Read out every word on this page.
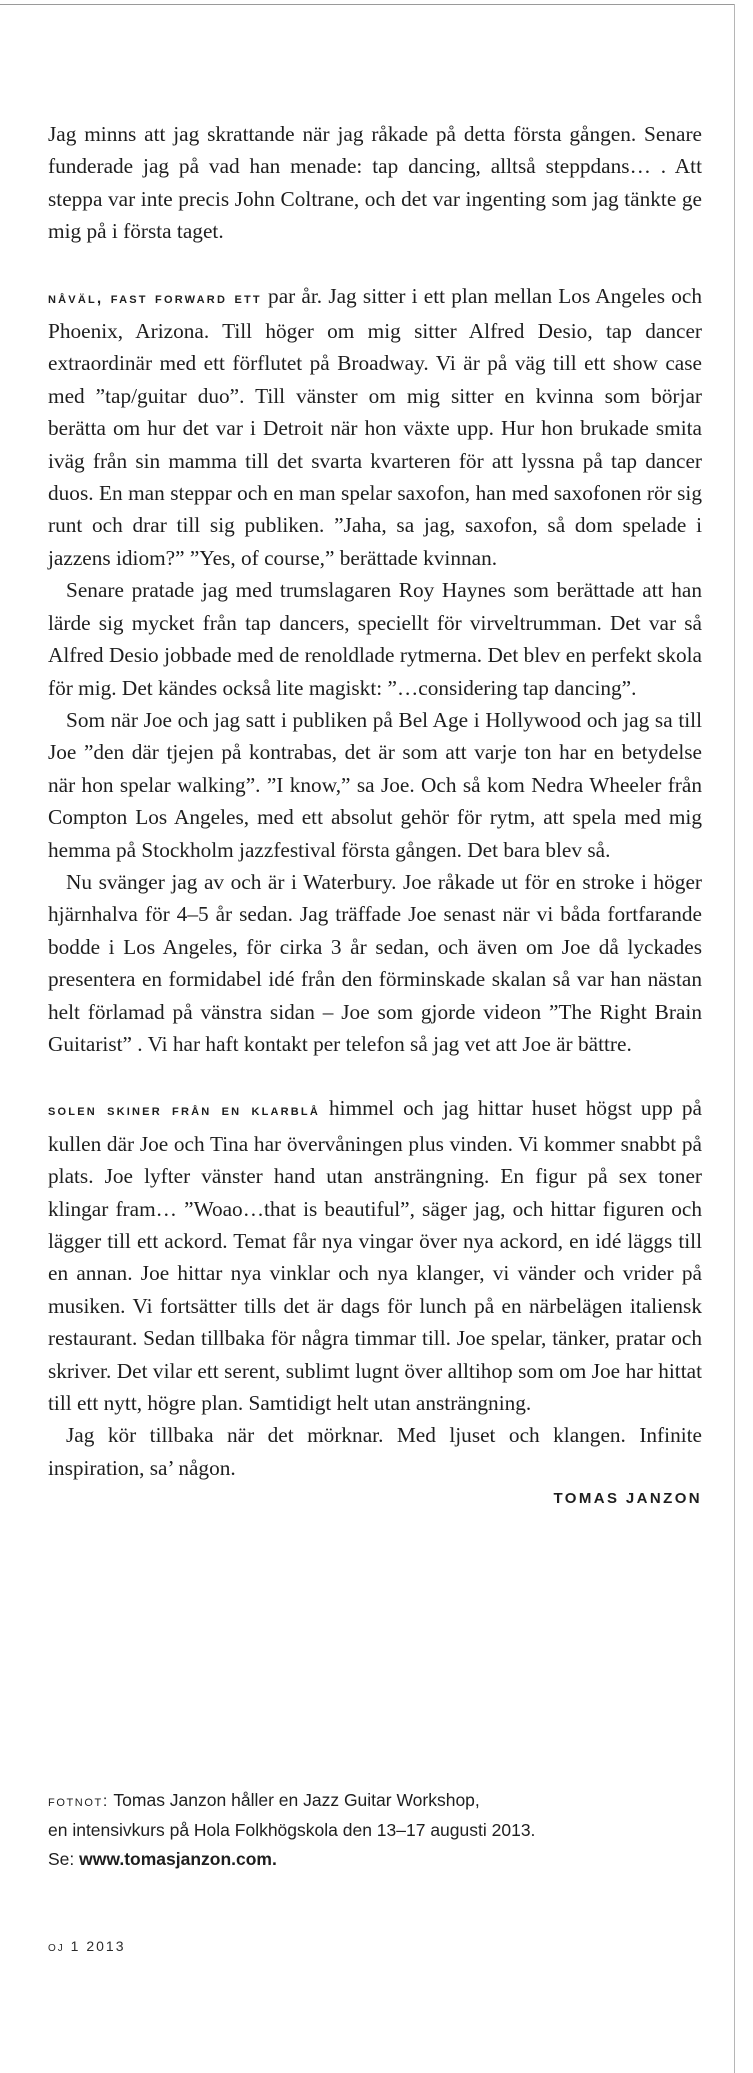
Jag minns att jag skrattande när jag råkade på detta första gången. Senare funderade jag på vad han menade: tap dancing, alltså steppdans… . Att steppa var inte precis John Coltrane, och det var ingenting som jag tänkte ge mig på i första taget.

nåväl, fast forward ett par år. Jag sitter i ett plan mellan Los Angeles och Phoenix, Arizona. Till höger om mig sitter Alfred Desio, tap dancer extraordinär med ett förflutet på Broadway. Vi är på väg till ett show case med ”tap/guitar duo”. Till vänster om mig sitter en kvinna som börjar berätta om hur det var i Detroit när hon växte upp. Hur hon brukade smita iväg från sin mamma till det svarta kvarteren för att lyssna på tap dancer duos. En man steppar och en man spelar saxofon, han med saxofonen rör sig runt och drar till sig publiken. ”Jaha, sa jag, saxofon, så dom spelade i jazzens idiom?” ”Yes, of course,” berättade kvinnan.

Senare pratade jag med trumslagaren Roy Haynes som berättade att han lärde sig mycket från tap dancers, speciellt för virveltrumman. Det var så Alfred Desio jobbade med de renoldlade rytmerna. Det blev en perfekt skola för mig. Det kändes också lite magiskt: ”…considering tap dancing”.

Som när Joe och jag satt i publiken på Bel Age i Hollywood och jag sa till Joe ”den där tjejen på kontrabas, det är som att varje ton har en betydelse när hon spelar walking”. ”I know,” sa Joe. Och så kom Nedra Wheeler från Compton Los Angeles, med ett absolut gehör för rytm, att spela med mig hemma på Stockholm jazzfestival första gången. Det bara blev så.

Nu svänger jag av och är i Waterbury. Joe råkade ut för en stroke i höger hjärnhalva för 4–5 år sedan. Jag träffade Joe senast när vi båda fortfarande bodde i Los Angeles, för cirka 3 år sedan, och även om Joe då lyckades presentera en formidabel idé från den förminskade skalan så var han nästan helt förlamad på vänstra sidan – Joe som gjorde videon ”The Right Brain Guitarist” . Vi har haft kontakt per telefon så jag vet att Joe är bättre.

solen skiner från en klarblå himmel och jag hittar huset högst upp på kullen där Joe och Tina har övervåningen plus vinden. Vi kommer snabbt på plats. Joe lyfter vänster hand utan ansträngning. En figur på sex toner klingar fram… ”Woao…that is beautiful”, säger jag, och hittar figuren och lägger till ett ackord. Temat får nya vingar över nya ackord, en idé läggs till en annan. Joe hittar nya vinklar och nya klanger, vi vänder och vrider på musiken. Vi fortsätter tills det är dags för lunch på en närbelägen italiensk restaurant. Sedan tillbaka för några timmar till. Joe spelar, tänker, pratar och skriver. Det vilar ett serent, sublimt lugnt över alltihop som om Joe har hittat till ett nytt, högre plan. Samtidigt helt utan ansträngning.

Jag kör tillbaka när det mörknar. Med ljuset och klangen. Infinite inspiration, sa’ någon.

TOMAS JANZON
fotnot: Tomas Janzon håller en Jazz Guitar Workshop,
en intensivkurs på Hola Folkhögskola den 13–17 augusti 2013.
Se: www.tomasjanzon.com.
oj 1 2013
